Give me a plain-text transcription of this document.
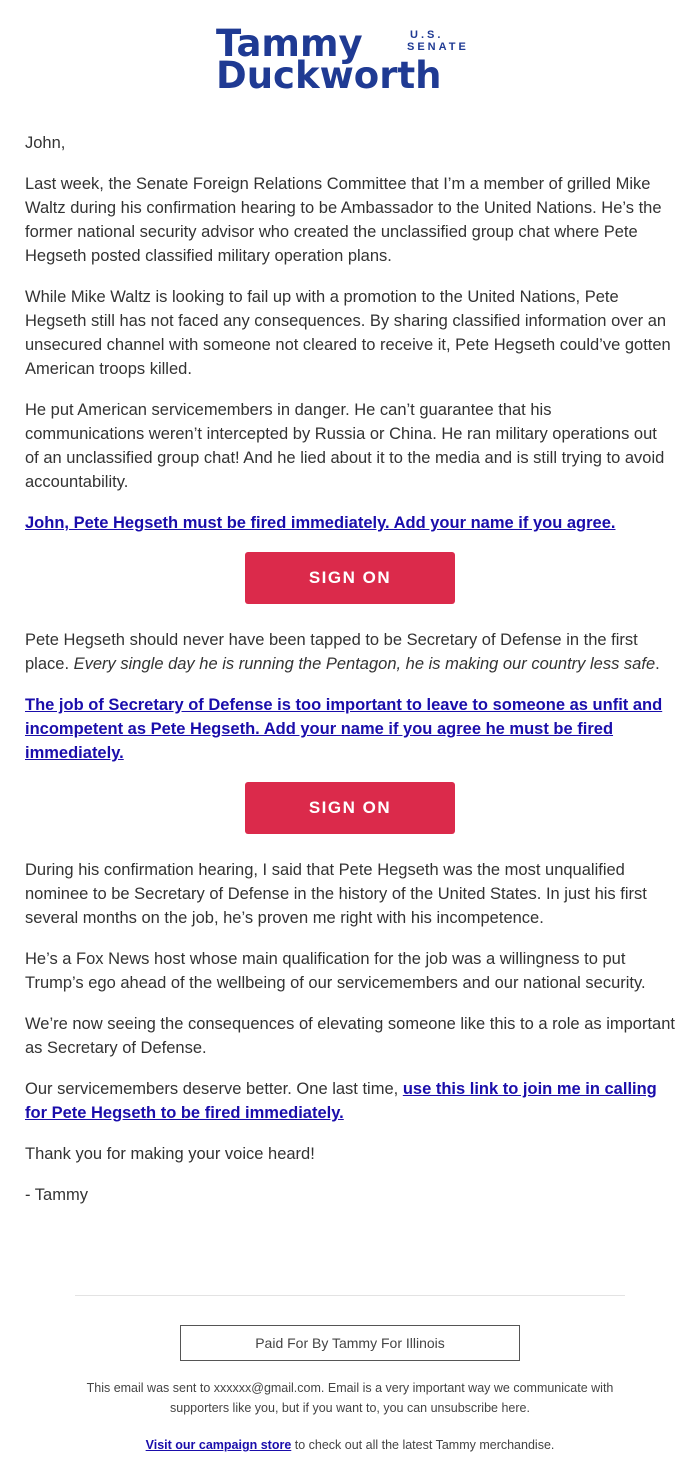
Tammy
Duckworth
U.S.
SENATE

John,

Last week, the Senate Foreign Relations Committee that I’m a member of grilled Mike Waltz during his confirmation hearing to be Ambassador to the United Nations. He’s the former national security advisor who created the unclassified group chat where Pete Hegseth posted classified military operation plans.

While Mike Waltz is looking to fail up with a promotion to the United Nations, Pete Hegseth still has not faced any consequences. By sharing classified information over an unsecured channel with someone not cleared to receive it, Pete Hegseth could’ve gotten American troops killed.

He put American servicemembers in danger. He can’t guarantee that his communications weren’t intercepted by Russia or China. He ran military operations out of an unclassified group chat! And he lied about it to the media and is still trying to avoid accountability.

John, Pete Hegseth must be fired immediately. Add your name if you agree.

SIGN ON

Pete Hegseth should never have been tapped to be Secretary of Defense in the first place. Every single day he is running the Pentagon, he is making our country less safe.

The job of Secretary of Defense is too important to leave to someone as unfit and incompetent as Pete Hegseth. Add your name if you agree he must be fired immediately.

SIGN ON

During his confirmation hearing, I said that Pete Hegseth was the most unqualified nominee to be Secretary of Defense in the history of the United States. In just his first several months on the job, he’s proven me right with his incompetence.

He’s a Fox News host whose main qualification for the job was a willingness to put Trump’s ego ahead of the wellbeing of our servicemembers and our national security.

We’re now seeing the consequences of elevating someone like this to a role as important as Secretary of Defense.

Our servicemembers deserve better. One last time, use this link to join me in calling for Pete Hegseth to be fired immediately.

Thank you for making your voice heard!

- Tammy

Paid For By Tammy For Illinois
This email was sent to xxxxxx@gmail.com. Email is a very important way we communicate with supporters like you, but if you want to, you can unsubscribe here.
Visit our campaign store to check out all the latest Tammy merchandise.
